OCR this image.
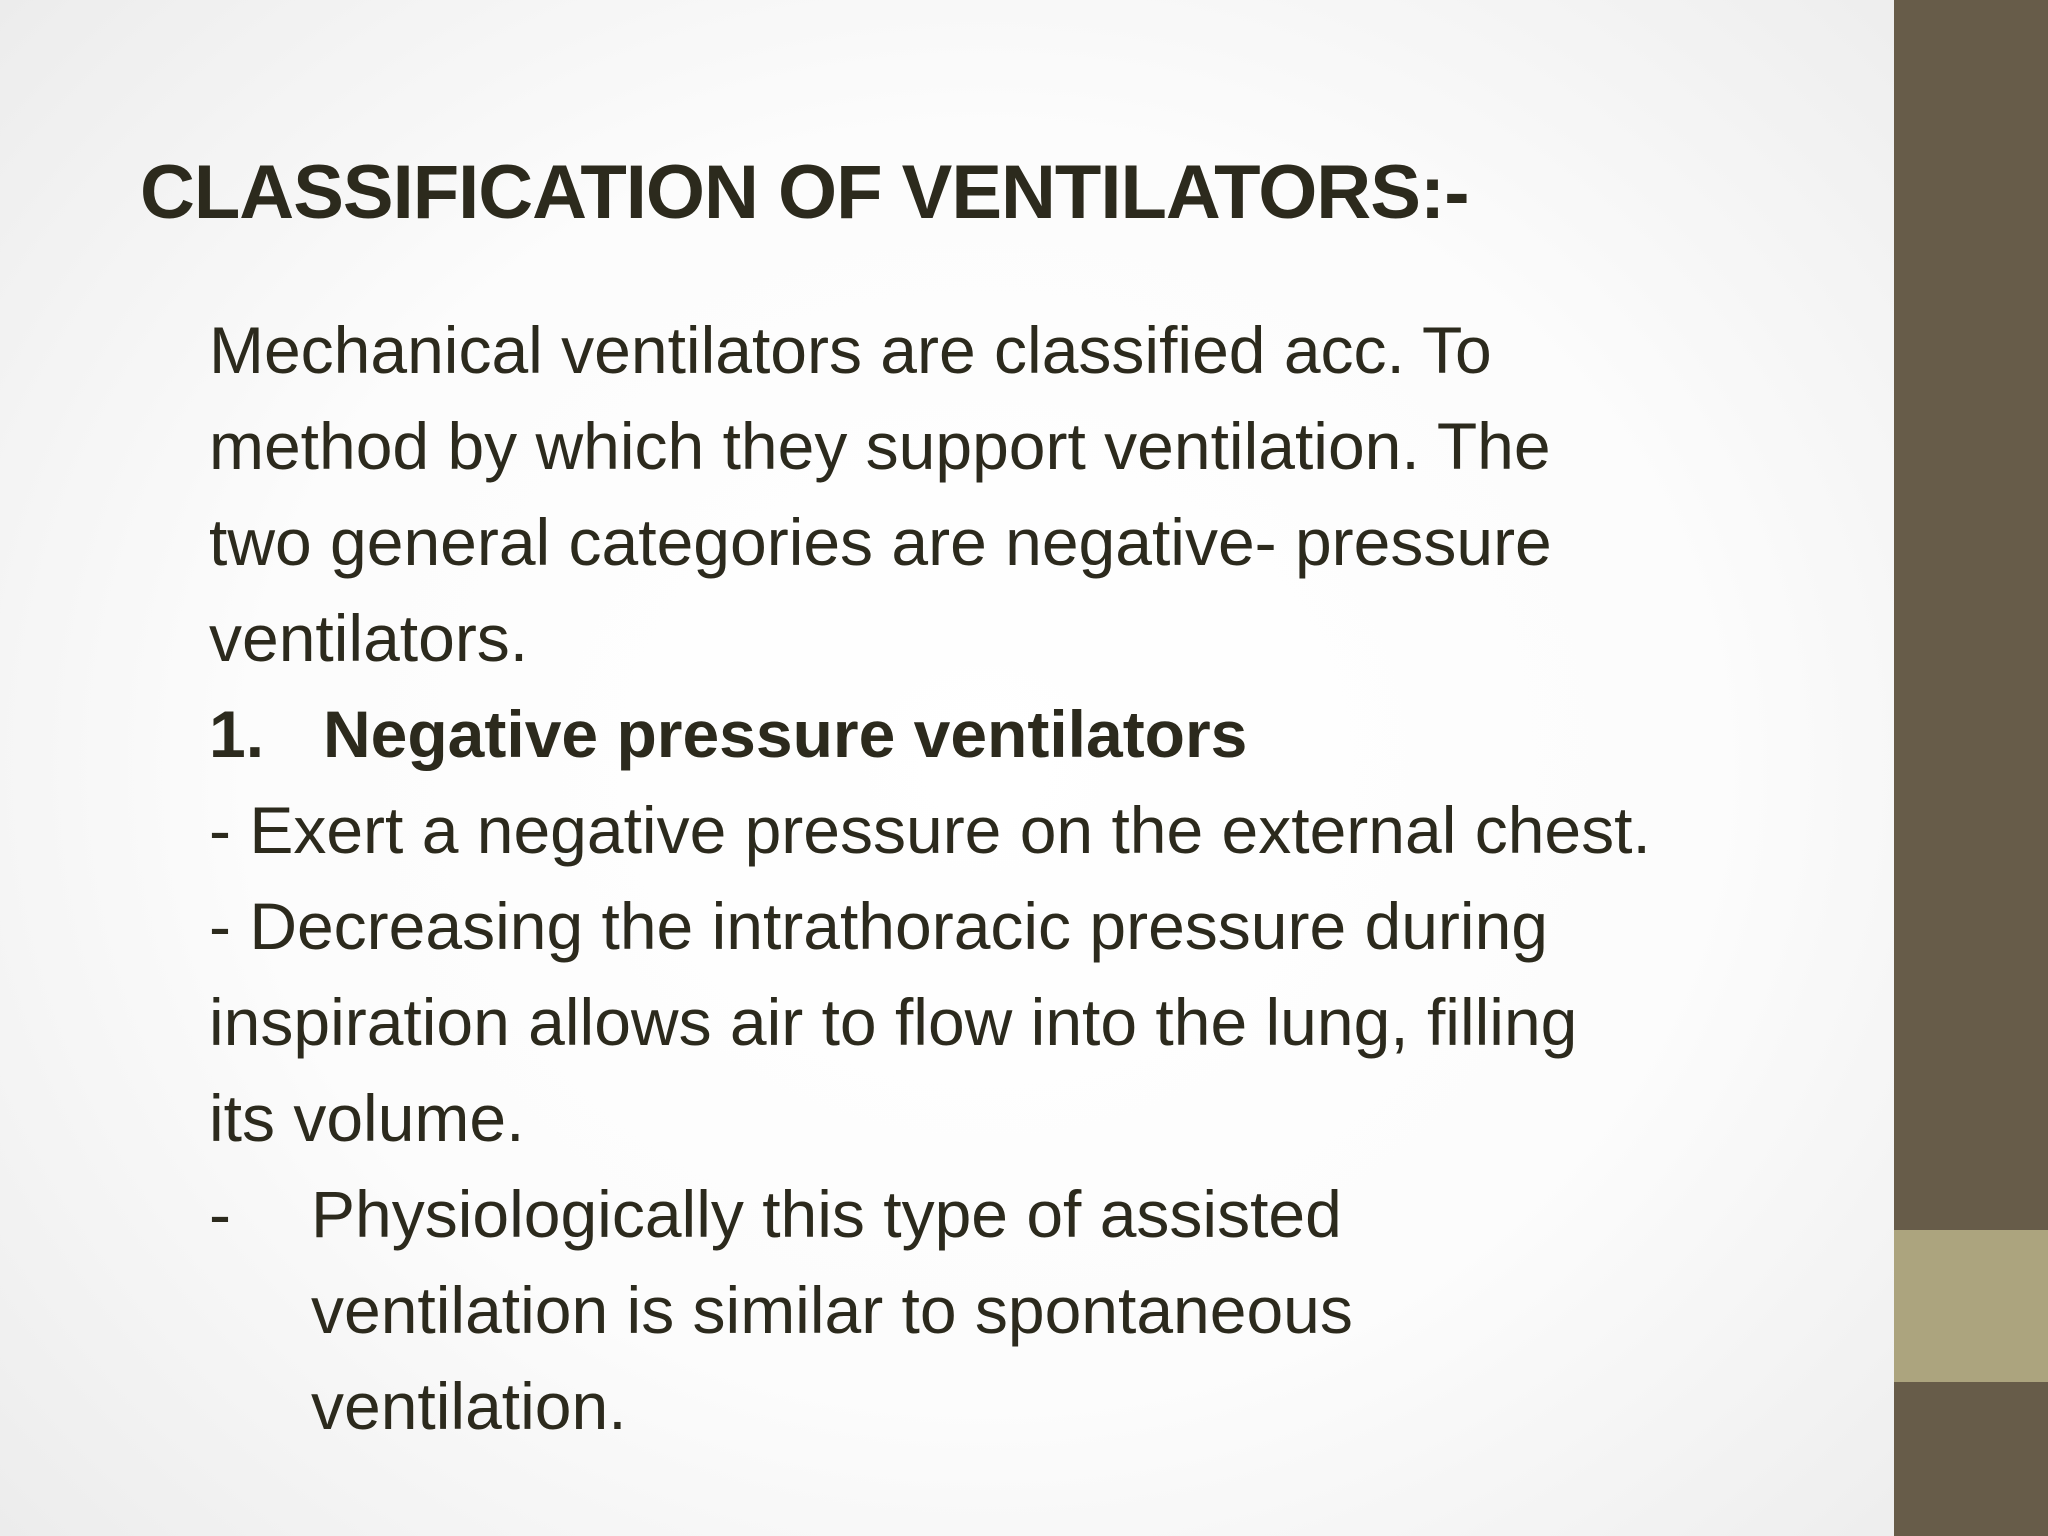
CLASSIFICATION OF VENTILATORS:-

Mechanical ventilators are classified acc. To

method by which they support ventilation. The

two general categories are negative- pressure

ventilators.

1. Negative pressure ventilators

- Exert a negative pressure on the external chest.

- Decreasing the intrathoracic pressure during

inspiration allows air to flow into the lung, filling

its volume.

-	Physiologically this type of assisted
ventilation is similar to spontaneous
ventilation.
